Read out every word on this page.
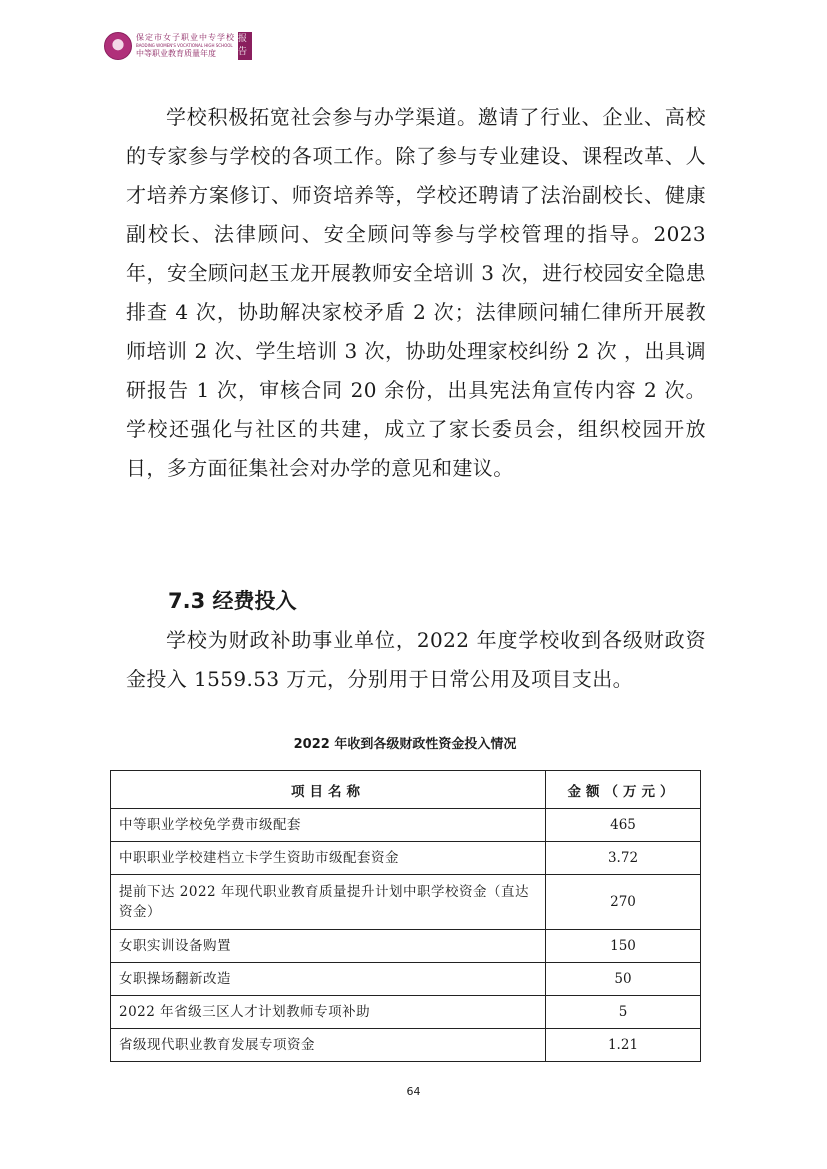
保定市女子职业中专学校
BAODING WOMEN'S VOCATIONAL HIGH SCHOOL
中等职业教育质量年度
报告

学校积极拓宽社会参与办学渠道。邀请了行业、企业、高校的专家参与学校的各项工作。除了参与专业建设、课程改革、人才培养方案修订、师资培养等，学校还聘请了法治副校长、健康副校长、法律顾问、安全顾问等参与学校管理的指导。2023 年，安全顾问赵玉龙开展教师安全培训 3 次，进行校园安全隐患排查 4 次，协助解决家校矛盾 2 次；法律顾问辅仁律所开展教师培训 2 次、学生培训 3 次，协助处理家校纠纷 2 次 ，出具调研报告 1 次，审核合同 20 余份，出具宪法角宣传内容 2 次。学校还强化与社区的共建，成立了家长委员会，组织校园开放日，多方面征集社会对办学的意见和建议。

7.3 经费投入

学校为财政补助事业单位，2022 年度学校收到各级财政资金投入 1559.53 万元，分别用于日常公用及项目支出。

2022 年收到各级财政性资金投入情况

项目名称	金额（万元）
中等职业学校免学费市级配套	465
中职职业学校建档立卡学生资助市级配套资金	3.72
提前下达 2022 年现代职业教育质量提升计划中职学校资金（直达资金）	270
女职实训设备购置	150
女职操场翻新改造	50
2022 年省级三区人才计划教师专项补助	5
省级现代职业教育发展专项资金	1.21
64
